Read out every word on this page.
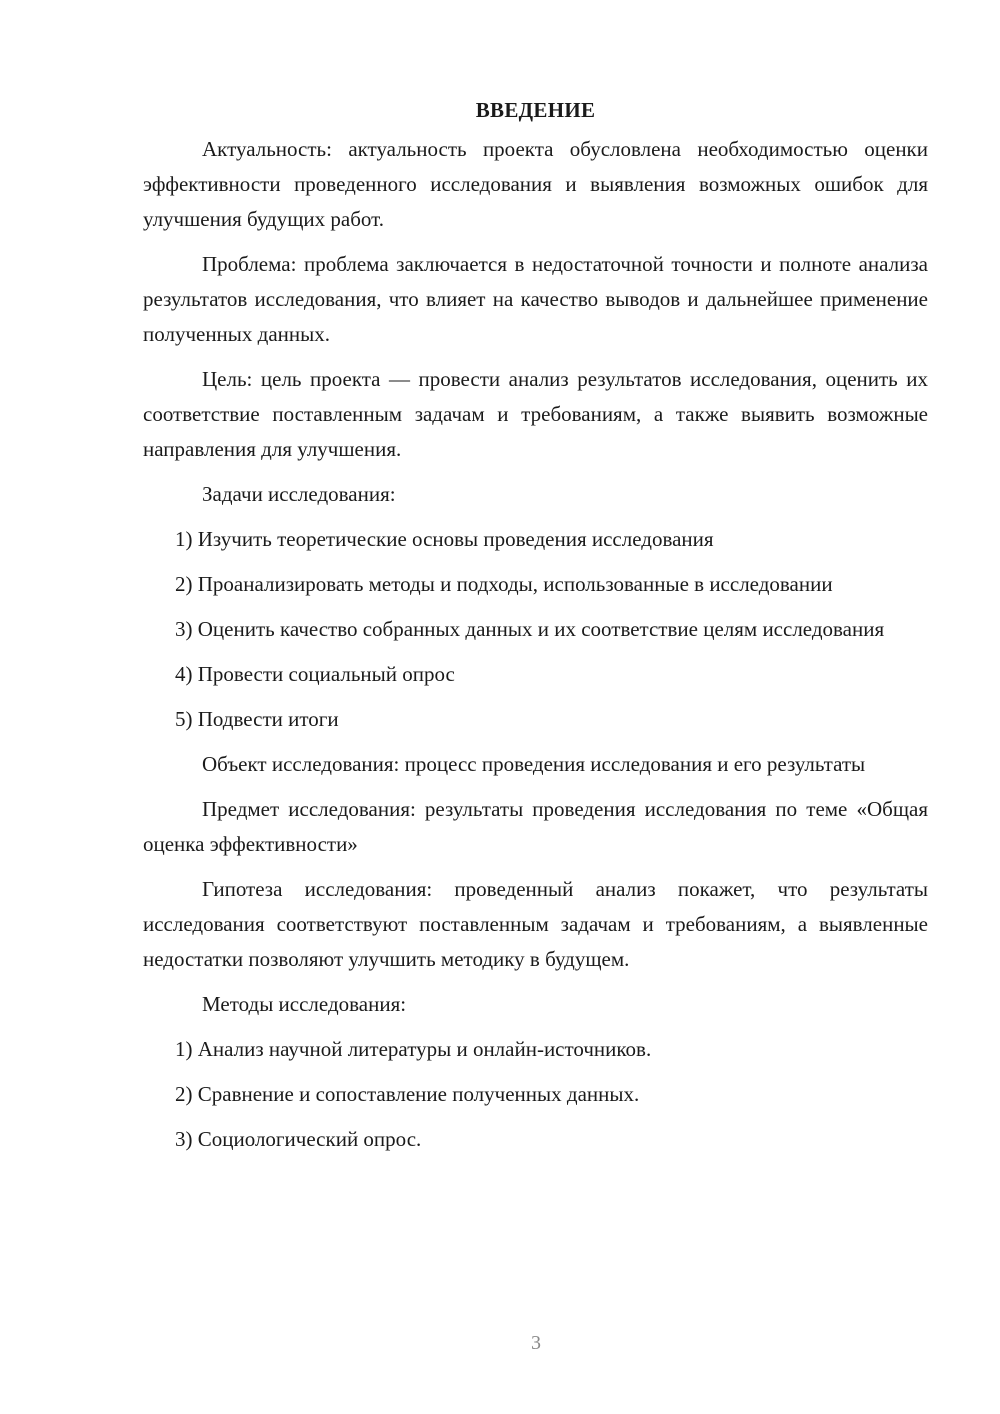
ВВЕДЕНИЕ

Актуальность: актуальность проекта обусловлена необходимостью оценки эффективности проведенного исследования и выявления возможных ошибок для улучшения будущих работ.

Проблема: проблема заключается в недостаточной точности и полноте анализа результатов исследования, что влияет на качество выводов и дальнейшее применение полученных данных.

Цель: цель проекта — провести анализ результатов исследования, оценить их соответствие поставленным задачам и требованиям, а также выявить возможные направления для улучшения.

Задачи исследования:

1) Изучить теоретические основы проведения исследования

2) Проанализировать методы и подходы, использованные в исследовании

3) Оценить качество собранных данных и их соответствие целям исследования

4) Провести социальный опрос

5) Подвести итоги

Объект исследования: процесс проведения исследования и его результаты

Предмет исследования: результаты проведения исследования по теме «Общая оценка эффективности»

Гипотеза исследования: проведенный анализ покажет, что результаты исследования соответствуют поставленным задачам и требованиям, а выявленные недостатки позволяют улучшить методику в будущем.

Методы исследования:

1) Анализ научной литературы и онлайн-источников.

2) Сравнение и сопоставление полученных данных.

3) Социологический опрос.

3
